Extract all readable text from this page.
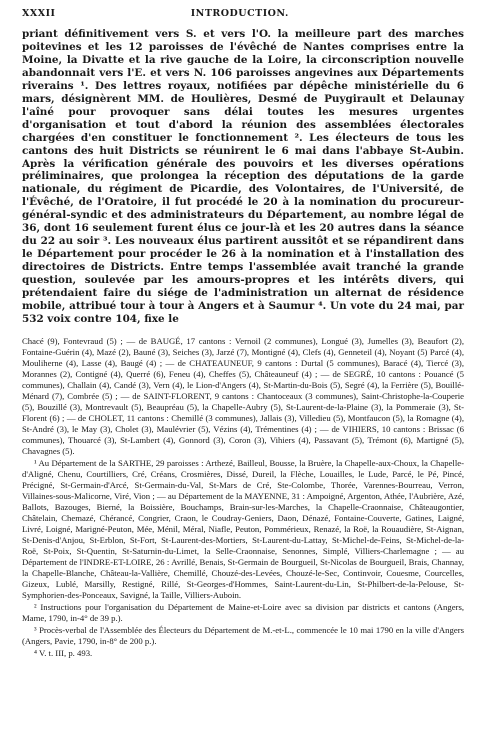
XXXII	INTRODUCTION.
priant définitivement vers S. et vers l'O. la meilleure part des marches poitevines et les 12 paroisses de l'évêché de Nantes comprises entre la Moine, la Divatte et la rive gauche de la Loire, la circonscription nouvelle abandonnait vers l'E. et vers N. 106 paroisses angevines aux Départements riverains ¹. Des lettres royaux, notifiées par dépêche ministérielle du 6 mars, désignèrent MM. de Houlières, Desmé de Puygirault et Delaunay l'aîné pour provoquer sans délai toutes les mesures urgentes d'organisation et tout d'abord la réunion des assemblées électorales chargées d'en constituer le fonctionnement ². Les électeurs de tous les cantons des huit Districts se réunirent le 6 mai dans l'abbaye St-Aubin. Après la vérification générale des pouvoirs et les diverses opérations préliminaires, que prolongea la réception des députations de la garde nationale, du régiment de Picardie, des Volontaires, de l'Université, de l'Évêché, de l'Oratoire, il fut procédé le 20 à la nomination du procureur-général-syndic et des administrateurs du Département, au nombre légal de 36, dont 16 seulement furent élus ce jour-là et les 20 autres dans la séance du 22 au soir ³. Les nouveaux élus partirent aussitôt et se répandirent dans le Département pour procéder le 26 à la nomination et à l'installation des directoires de Districts. Entre temps l'assemblée avait tranché la grande question, soulevée par les amours-propres et les intérêts divers, qui prétendaient faire du siége de l'administration un alternat de résidence mobile, attribué tour à tour à Angers et à Saumur ⁴. Un vote du 24 mai, par 532 voix contre 104, fixe le

Chacé (9), Fontevraud (5) ; — de BAUGÉ, 17 cantons : Vernoil (2 communes), Longué (3), Jumelles (3), Beaufort (2), Fontaine-Guérin (4), Mazé (2), Bauné (3), Seiches (3), Jarzé (7), Montigné (4), Clefs (4), Genneteil (4), Noyant (5) Parcé (4), Mouliherne (4), Lasse (4), Baugé (4) ; — de CHATEAUNEUF, 9 cantons : Durtal (5 communes), Baracé (4), Tiercé (3), Morannes (2), Contigné (4), Querré (6), Feneu (4), Cheffes (5), Châteauneuf (4) ; — de SEGRÉ, 10 cantons : Pouancé (5 communes), Challain (4), Candé (3), Vern (4), le Lion-d'Angers (4), St-Martin-du-Bois (5), Segré (4), la Ferrière (5), Bouillé-Ménard (7), Combrée (5) ; — de SAINT-FLORENT, 9 cantons : Chantoceaux (3 communes), Saint-Christophe-la-Couperie (5), Bouzillé (3), Montrevault (5), Beaupréau (5), la Chapelle-Aubry (5), St-Laurent-de-la-Plaine (3), la Pommeraie (3), St-Florent (6) ; — de CHOLET, 11 cantons : Chemillé (3 communes), Jallais (3), Villedieu (5), Montfaucon (5), la Romagne (4), St-André (3), le May (3), Cholet (3), Maulévrier (5), Vézins (4), Trémentines (4) ; — de VIHIERS, 10 cantons : Brissac (6 communes), Thouarcé (3), St-Lambert (4), Gonnord (3), Coron (3), Vihiers (4), Passavant (5), Trémont (6), Martigné (5), Chavagnes (5).

¹ Au Département de la SARTHE, 29 paroisses : Arthezé, Bailleul, Bousse, la Bruère, la Chapelle-aux-Choux, la Chapelle-d'Aligné, Chenu, Courtilliers, Cré, Créans, Crosmières, Dissé, Dureil, la Flèche, Louailles, le Lude, Parcé, le Pé, Pincé, Précigné, St-Germain-d'Arcé, St-Germain-du-Val, St-Mars de Cré, Ste-Colombe, Thorée, Varennes-Bourreau, Verron, Villaines-sous-Malicorne, Viré, Vion ; — au Département de la MAYENNE, 31 : Ampoigné, Argenton, Athée, l'Aubrière, Azé, Ballots, Bazouges, Bierné, la Boissière, Bouchamps, Brain-sur-les-Marches, la Chapelle-Craonnaise, Châteaugontier, Châtelain, Chemazé, Chérancé, Congrier, Craon, le Coudray-Geniers, Daon, Dénazé, Fontaine-Couverte, Gatines, Laigné, Livré, Loigné, Marigné-Peuton, Mée, Ménil, Méral, Niafle, Peuton, Pommérieux, Renazé, la Roë, la Rouaudière, St-Aignan, St-Denis-d'Anjou, St-Erblon, St-Fort, St-Laurent-des-Mortiers, St-Laurent-du-Lattay, St-Michel-de-Feins, St-Michel-de-la-Roë, St-Poix, St-Quentin, St-Saturnin-du-Limet, la Selle-Craonnaise, Senonnes, Simplé, Villiers-Charlemagne ; — au Département de l'INDRE-ET-LOIRE, 26 : Avrillé, Benais, St-Germain de Bourgueil, St-Nicolas de Bourgueil, Brais, Channay, la Chapelle-Blanche, Château-la-Vallière, Chemillé, Chouzé-des-Levées, Chouzé-le-Sec, Continvoir, Couesme, Courcelles, Gizeux, Lublé, Marsilly, Restigné, Rillé, St-Georges-d'Hommes, Saint-Laurent-du-Lin, St-Philbert-de-la-Pelouse, St-Symphorien-des-Ponceaux, Savigné, la Taille, Villiers-Auboin.

² Instructions pour l'organisation du Département de Maine-et-Loire avec sa division par districts et cantons (Angers, Mame, 1790, in-4° de 39 p.).

³ Procès-verbal de l'Assemblée des Électeurs du Département de M.-et-L., commencée le 10 mai 1790 en la ville d'Angers (Angers, Pavie, 1790, in-8° de 200 p.).

⁴ V. t. III, p. 493.
